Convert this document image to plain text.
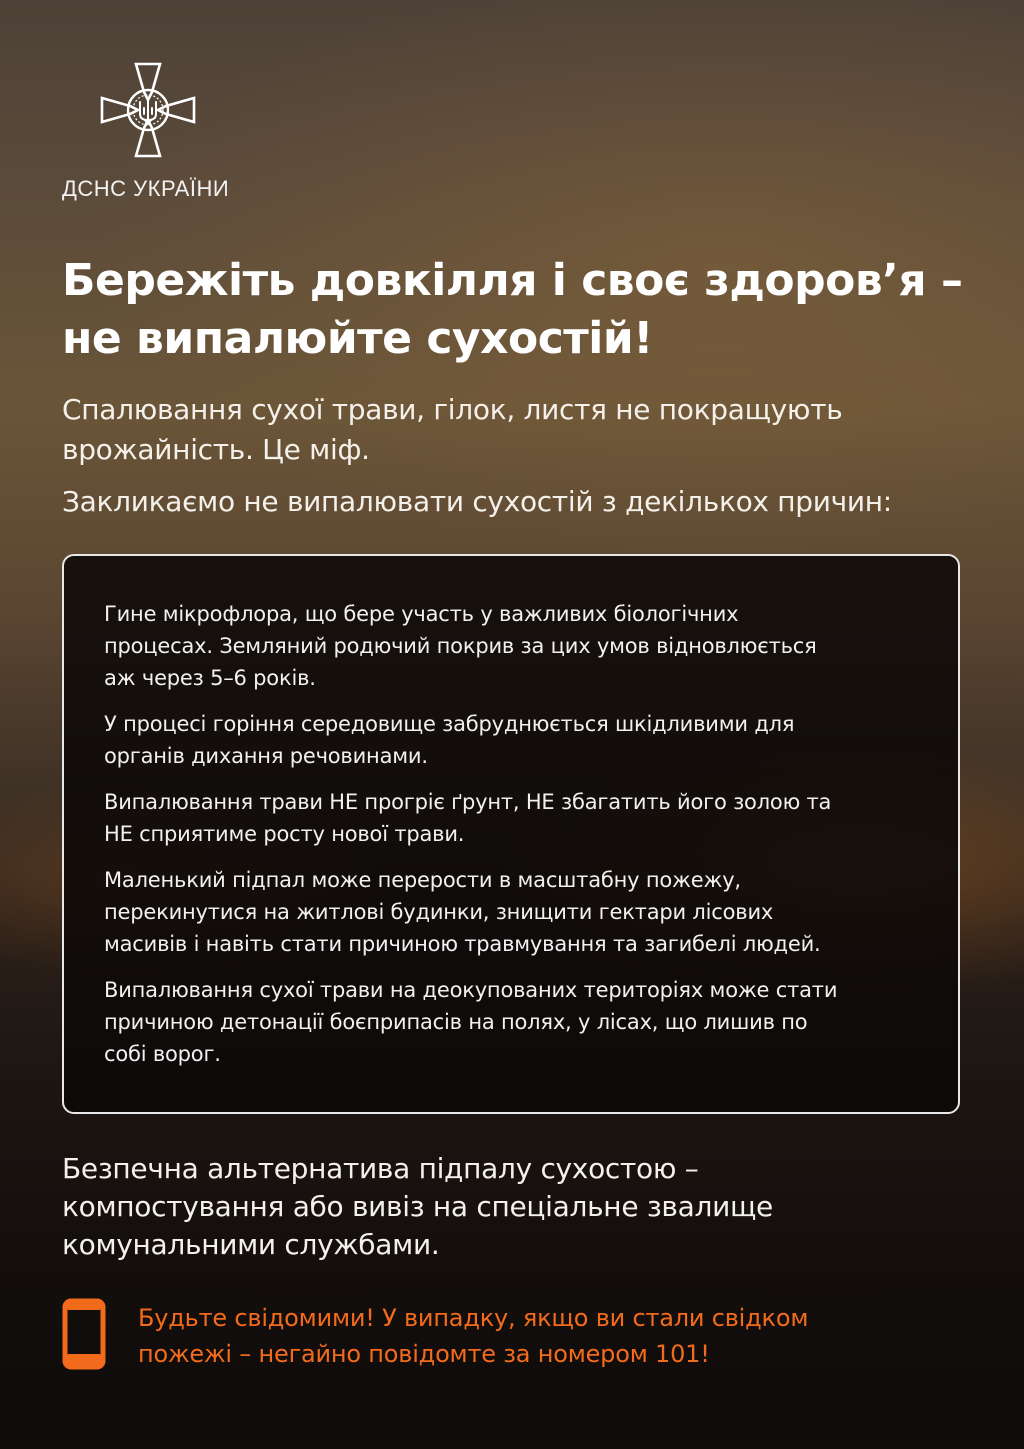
ДСНС УКРАЇНИ
Бережіть довкілля і своє здоров’я –
не випалюйте сухостій!
Спалювання сухої трави, гілок, листя не покращують
врожайність. Це міф.
Закликаємо не випалювати сухостій з декількох причин:
Гине мікрофлора, що бере участь у важливих біологічних
процесах. Земляний родючий покрив за цих умов відновлюється
аж через 5–6 років.
У процесі горіння середовище забруднюється шкідливими для
органів дихання речовинами.
Випалювання трави НЕ прогріє ґрунт, НЕ збагатить його золою та
НЕ сприятиме росту нової трави.
Маленький підпал може перерости в масштабну пожежу,
перекинутися на житлові будинки, знищити гектари лісових
масивів і навіть стати причиною травмування та загибелі людей.
Випалювання сухої трави на деокупованих територіях може стати
причиною детонації боєприпасів на полях, у лісах, що лишив по
собі ворог.
Безпечна альтернатива підпалу сухостою –
компостування або вивіз на спеціальне звалище
комунальними службами.
Будьте свідомими! У випадку, якщо ви стали свідком
пожежі – негайно повідомте за номером 101!
